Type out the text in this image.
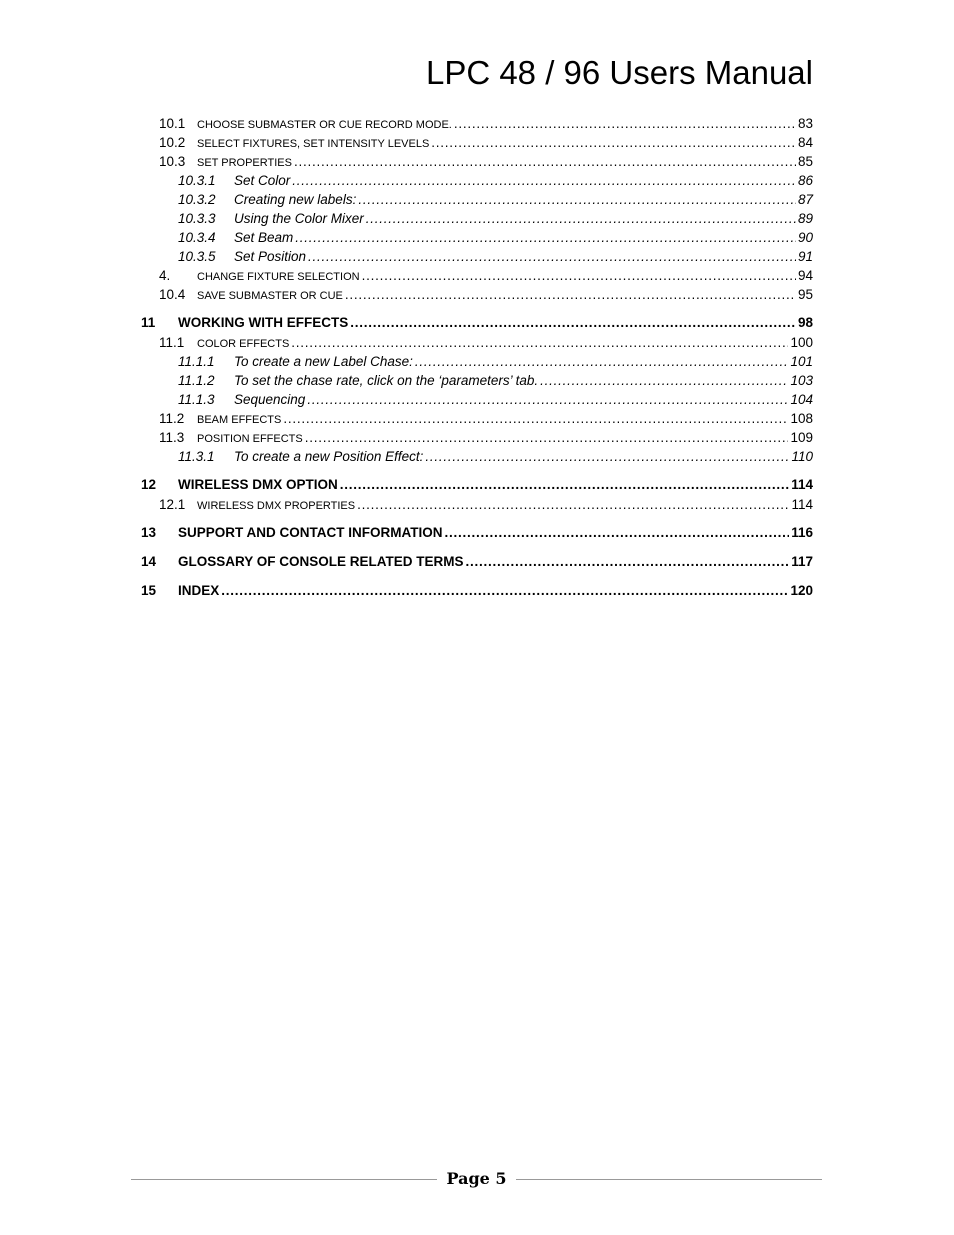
LPC 48 / 96 Users Manual
10.1	CHOOSE SUBMASTER OR CUE RECORD MODE. . . .	83
10.2	SELECT FIXTURES, SET INTENSITY LEVELS . . .	84
10.3	SET PROPERTIES . . .	85
10.3.1	Set Color . . .	86
10.3.2	Creating new labels: . . .	87
10.3.3	Using the Color Mixer . . .	89
10.3.4	Set Beam . . .	90
10.3.5	Set Position . . .	91
4.	CHANGE FIXTURE SELECTION . . .	94
10.4	SAVE SUBMASTER OR CUE . . .	95
11	WORKING WITH EFFECTS . . .	98
11.1	COLOR EFFECTS . . .	100
11.1.1	To create a new Label Chase: . . .	101
11.1.2	To set the chase rate, click on the ‘parameters’ tab. . . .	103
11.1.3	Sequencing . . .	104
11.2	BEAM EFFECTS . . .	108
11.3	POSITION EFFECTS . . .	109
11.3.1	To create a new Position Effect: . . .	110
12	WIRELESS DMX OPTION . . .	114
12.1	WIRELESS DMX PROPERTIES . . .	114
13	SUPPORT AND CONTACT INFORMATION . . .	116
14	GLOSSARY OF CONSOLE RELATED TERMS . . .	117
15	INDEX . . .	120
Page 5
